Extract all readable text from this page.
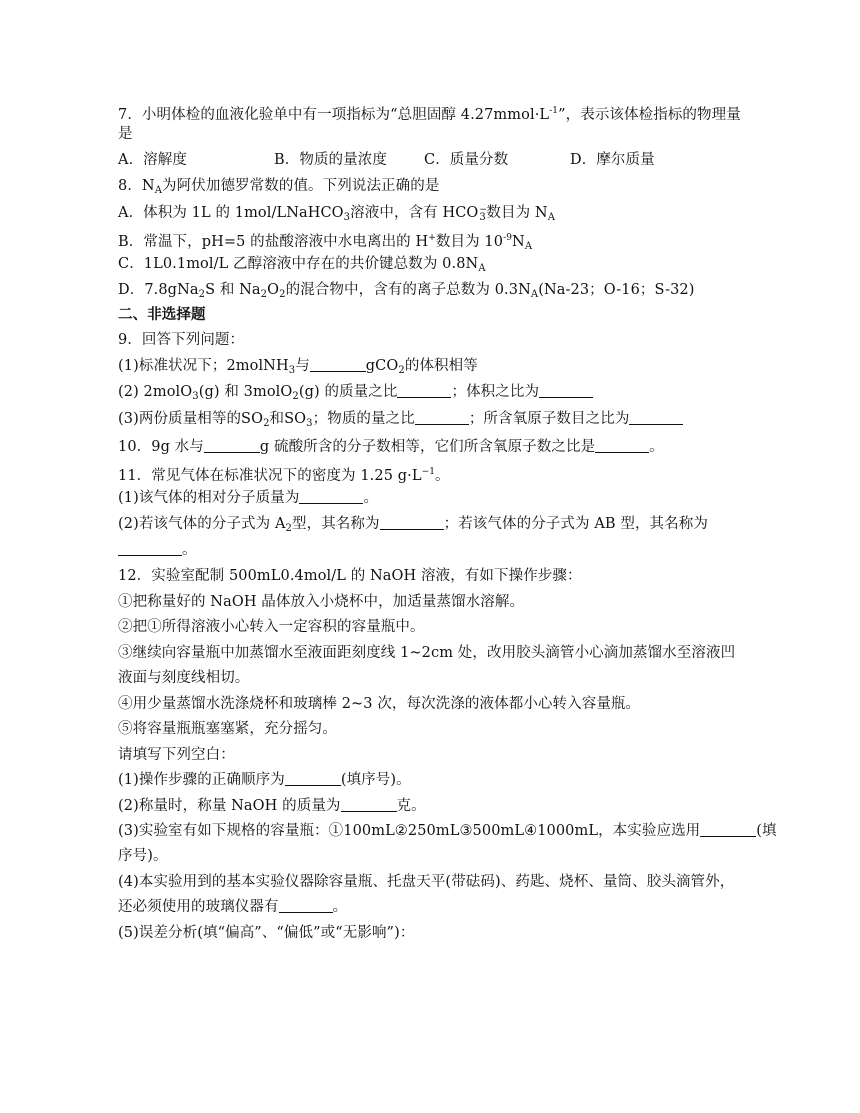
7．小明体检的血液化验单中有一项指标为“总胆固醇 $4.27mmol\cdot L^{-1}$”，表示该体检指标的物理量
是
A．溶解度	B．物质的量浓度	C．质量分数	D．摩尔质量
8．$N_A$为阿伏加德罗常数的值。下列说法正确的是
A．体积为 1L 的 1mol/LNaHCO$_3$溶液中，含有 HCO 3
− 数目为 $N_A$
B．常温下，pH=5 的盐酸溶液中水电离出的 H+数目为 $10^{-9}N_A$
C．1L0.1mol/L 乙醇溶液中存在的共价键总数为 $0.8N_A$
D．7.8gNa$_2$S 和 $Na_2O_2$的混合物中，含有的离子总数为 $0.3N_A(Na-23$；O-16；S-32)
二、非选择题
9．回答下列问题：
(1)标准状况下；2molNH$_3$与	gCO$_2$的体积相等
(2) 2molO$_3$(g) 和 3molO$_2$(g) 的质量之比	；体积之比为
(3)两份质量相等的$SO_2$和$SO_3$；物质的量之比	；所含氧原子数目之比为
10．9g 水与	g 硫酸所含的分子数相等，它们所含氧原子数之比是	。
11．常见气体在标准状况下的密度为 1.25 $g\cdot L^{-1}$。
(1)该气体的相对分子质量为	。
(2)若该气体的分子式为 $A_2$型，其名称为	；若该气体的分子式为 AB 型，其名称为
。
12．实验室配制 500mL0.4mol/L 的 NaOH 溶液，有如下操作步骤：
①把称量好的 NaOH 晶体放入小烧杯中，加适量蒸馏水溶解。
②把①所得溶液小心转入一定容积的容量瓶中。
③继续向容量瓶中加蒸馏水至液面距刻度线 1~2cm 处，改用胶头滴管小心滴加蒸馏水至溶液凹
液面与刻度线相切。
④用少量蒸馏水洗涤烧杯和玻璃棒 2~3 次，每次洗涤的液体都小心转入容量瓶。
⑤将容量瓶瓶塞塞紧，充分摇匀。
请填写下列空白：
(1)操作步骤的正确顺序为	(填序号)。
(2)称量时，称量 NaOH 的质量为	克。
(3)实验室有如下规格的容量瓶：①100mL②250mL③500mL④1000mL，本实验应选用	(填
序号)。
(4)本实验用到的基本实验仪器除容量瓶、托盘天平(带砝码)、药匙、烧杯、量筒、胶头滴管外，
还必须使用的玻璃仪器有	。
(5)误差分析(填“偏高”、“偏低”或“无影响”)：
